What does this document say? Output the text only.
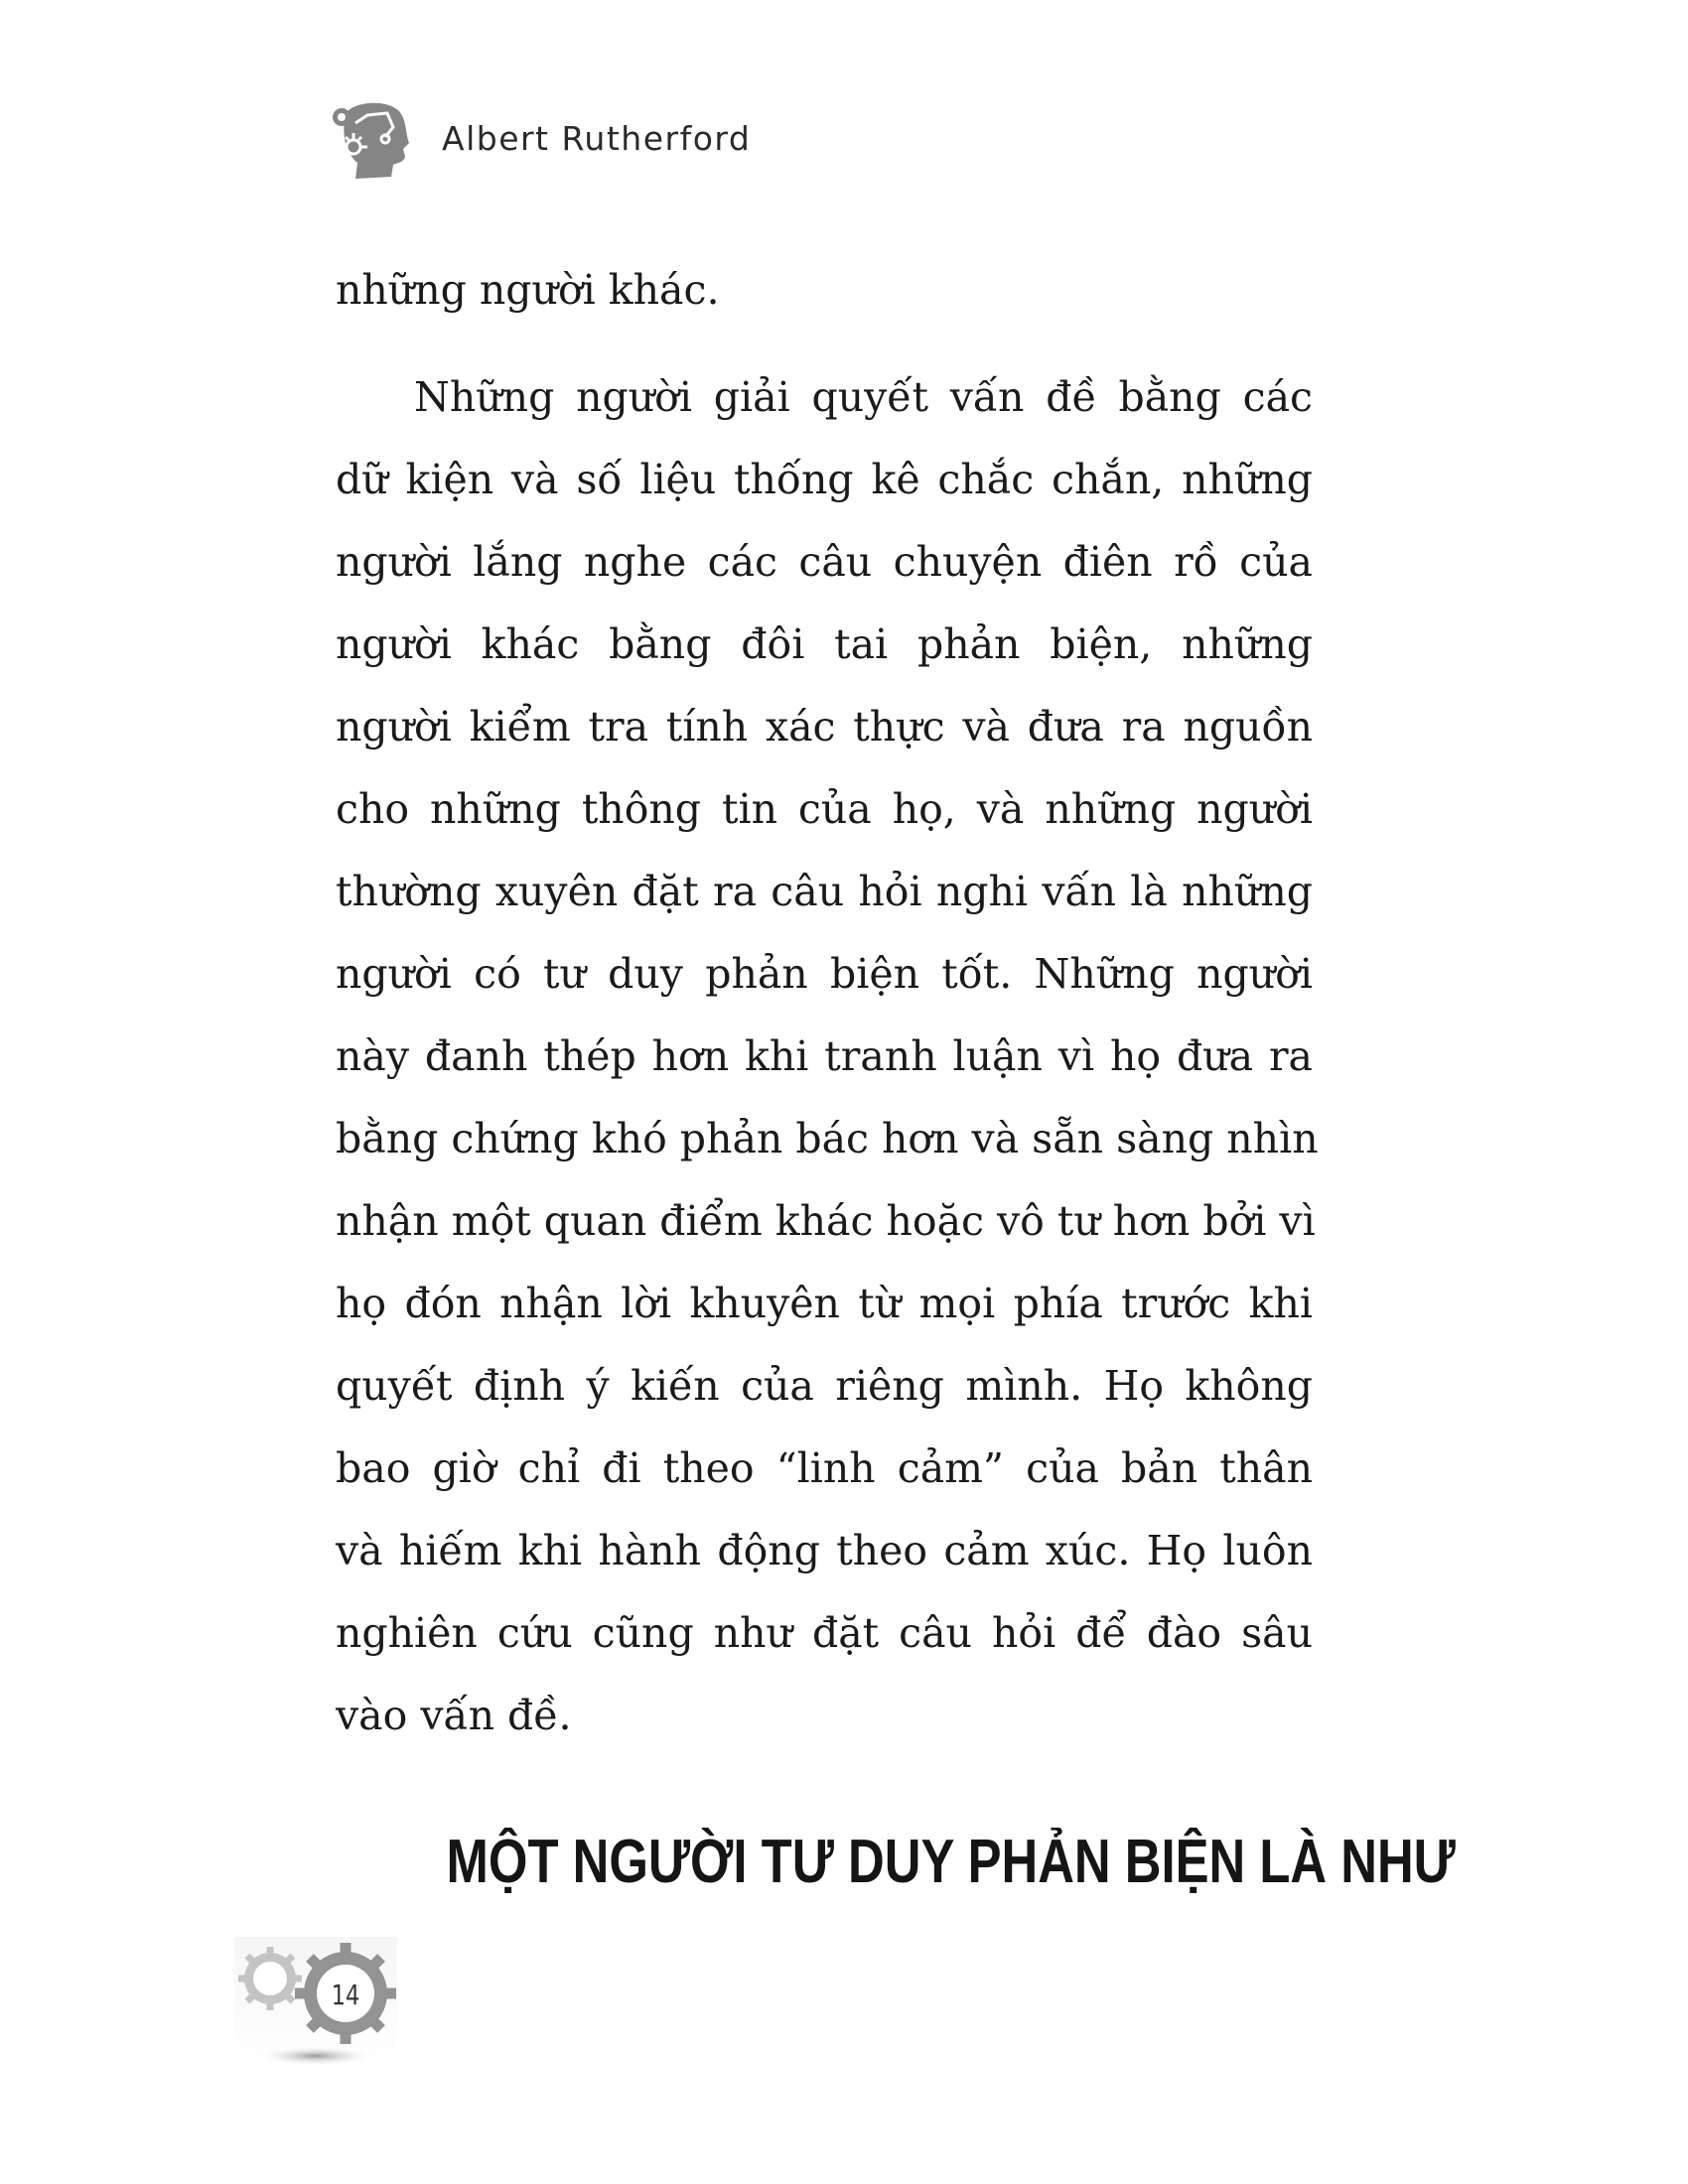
Albert Rutherford
những người khác.
Những người giải quyết vấn đề bằng các
dữ kiện và số liệu thống kê chắc chắn, những
người lắng nghe các câu chuyện điên rồ của
người khác bằng đôi tai phản biện, những
người kiểm tra tính xác thực và đưa ra nguồn
cho những thông tin của họ, và những người
thường xuyên đặt ra câu hỏi nghi vấn là những
người có tư duy phản biện tốt. Những người
này đanh thép hơn khi tranh luận vì họ đưa ra
bằng chứng khó phản bác hơn và sẵn sàng nhìn
nhận một quan điểm khác hoặc vô tư hơn bởi vì
họ đón nhận lời khuyên từ mọi phía trước khi
quyết định ý kiến của riêng mình. Họ không
bao giờ chỉ đi theo “linh cảm” của bản thân
và hiếm khi hành động theo cảm xúc. Họ luôn
nghiên cứu cũng như đặt câu hỏi để đào sâu
vào vấn đề.
MỘT NGƯỜI TƯ DUY PHẢN BIỆN LÀ NHƯ
14
